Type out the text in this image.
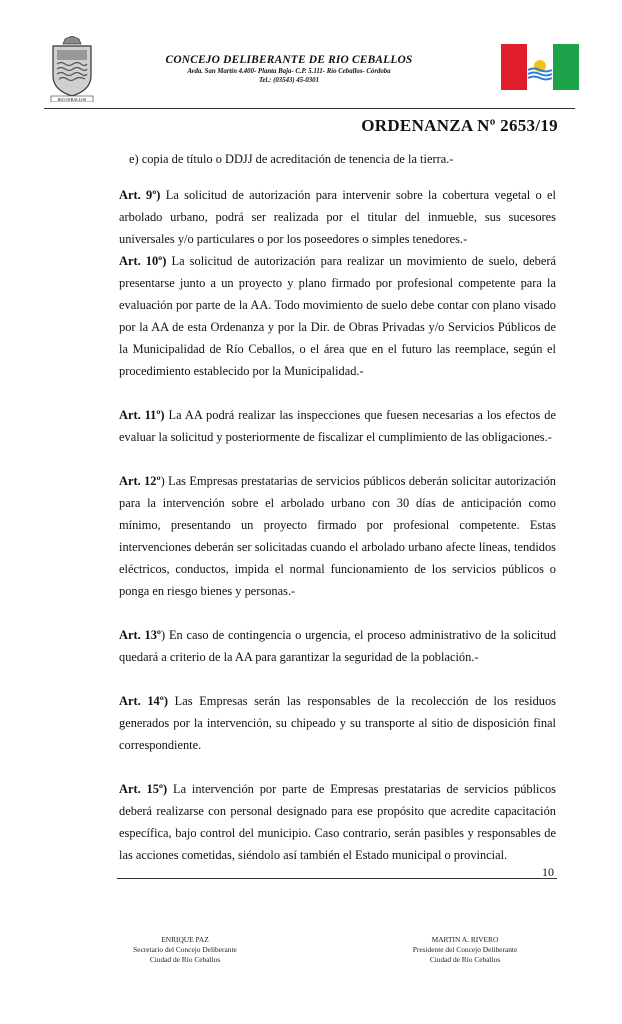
RIO CEBALLOS
CONCEJO DELIBERANTE DE RIO CEBALLOS
Avda. San Martín 4.400- Planta Baja- C.P. 5.111- Río Ceballos- Córdoba
Tel.: (03543) 45-0301
ORDENANZA Nº 2653/19

e) copia de título o DDJJ de acreditación de tenencia de la tierra.-

Art. 9º) La solicitud de autorización para intervenir sobre la cobertura vegetal o el arbolado urbano, podrá ser realizada por el titular del inmueble, sus sucesores universales y/o particulares o por los poseedores o simples tenedores.-

Art. 10º) La solicitud de autorización para realizar un movimiento de suelo, deberá presentarse junto a un proyecto y plano firmado por profesional competente para la evaluación por parte de la AA. Todo movimiento de suelo debe contar con plano visado por la AA de esta Ordenanza y por la Dir. de Obras Privadas y/o Servicios Públicos de la Municipalidad de Río Ceballos, o el área que en el futuro las reemplace, según el procedimiento establecido por la Municipalidad.-

Art. 11º) La AA podrá realizar las inspecciones que fuesen necesarias a los efectos de evaluar la solicitud y posteriormente de fiscalizar el cumplimiento de las obligaciones.-

Art. 12º) Las Empresas prestatarias de servicios públicos deberán solicitar autorización para la intervención sobre el arbolado urbano con 30 días de anticipación como mínimo, presentando un proyecto firmado por profesional competente. Estas intervenciones deberán ser solicitadas cuando el arbolado urbano afecte líneas, tendidos eléctricos, conductos, impida el normal funcionamiento de los servicios públicos o ponga en riesgo bienes y personas.-

Art. 13º) En caso de contingencia o urgencia, el proceso administrativo de la solicitud quedará a criterio de la AA para garantizar la seguridad de la población.-

Art. 14º) Las Empresas serán las responsables de la recolección de los residuos generados por la intervención, su chipeado y su transporte al sitio de disposición final correspondiente.

Art. 15º) La intervención por parte de Empresas prestatarias de servicios públicos deberá realizarse con personal designado para ese propósito que acredite capacitación específica, bajo control del municipio. Caso contrario, serán pasibles y responsables de las acciones cometidas, siéndolo así también el Estado municipal o provincial.

10
ENRIQUE PAZ
Secretario del Concejo Deliberante
Ciudad de Río Ceballos
MARTIN A. RIVERO
Presidente del Concejo Deliberante
Ciudad de Río Ceballos
